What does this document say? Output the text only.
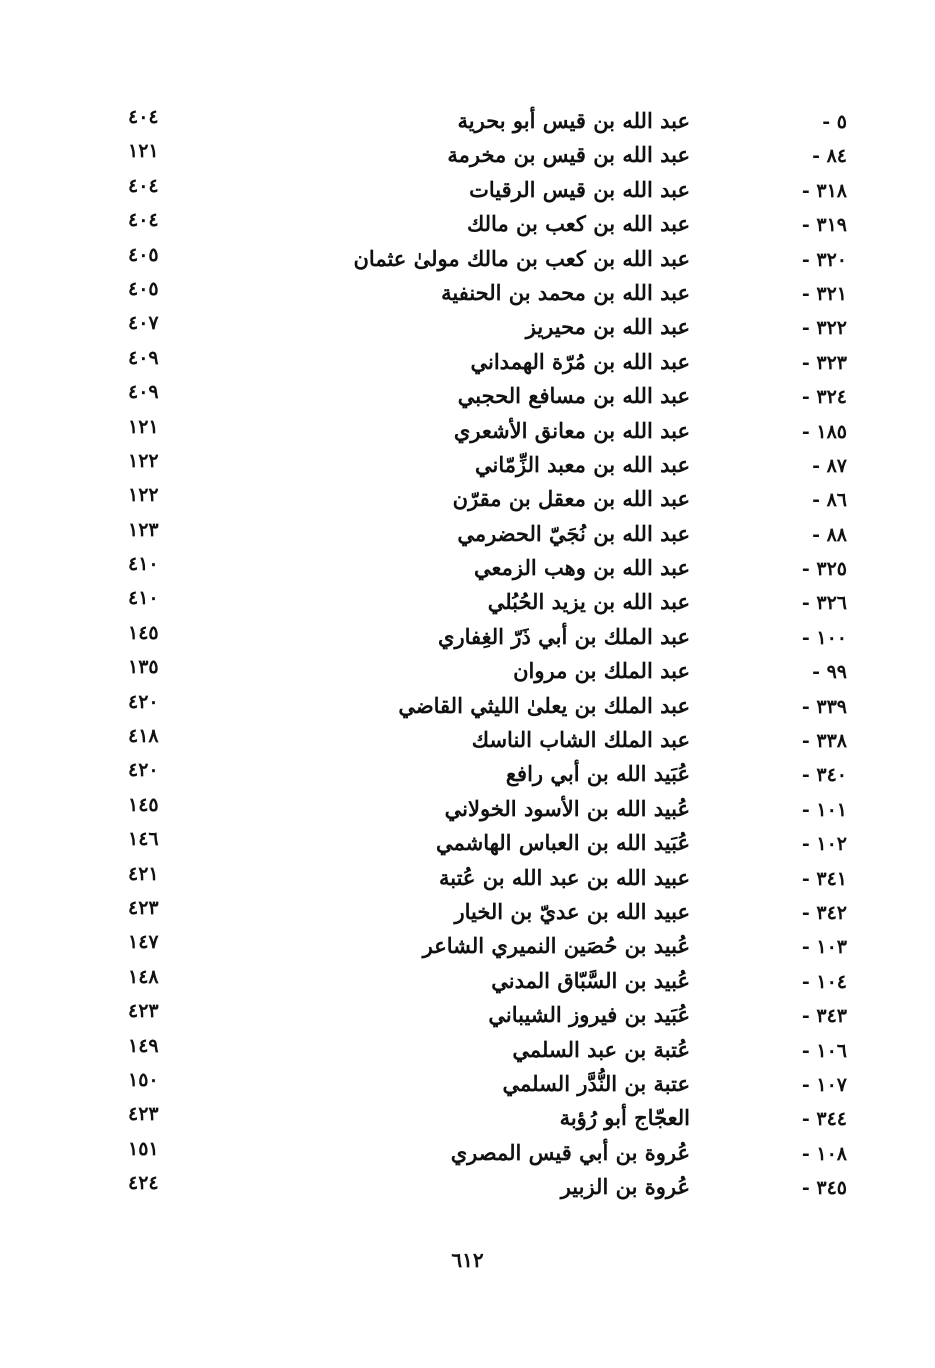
٥ -
عبد الله بن قيس أبو بحرية
٤٠٤
٨٤ -
عبد الله بن قيس بن مخرمة
١٢١
٣١٨ -
عبد الله بن قيس الرقيات
٤٠٤
٣١٩ -
عبد الله بن كعب بن مالك
٤٠٤
٣٢٠ -
عبد الله بن كعب بن مالك مولىٰ عثمان
٤٠٥
٣٢١ -
عبد الله بن محمد بن الحنفية
٤٠٥
٣٢٢ -
عبد الله بن محيريز
٤٠٧
٣٢٣ -
عبد الله بن مُرّة الهمداني
٤٠٩
٣٢٤ -
عبد الله بن مسافع الحجبي
٤٠٩
١٨٥ -
عبد الله بن معانق الأشعري
١٢١
٨٧ -
عبد الله بن معبد الزِّمّاني
١٢٢
٨٦ -
عبد الله بن معقل بن مقرّن
١٢٢
٨٨ -
عبد الله بن نُجَيّ الحضرمي
١٢٣
٣٢٥ -
عبد الله بن وهب الزمعي
٤١٠
٣٢٦ -
عبد الله بن يزيد الحُبُلي
٤١٠
١٠٠ -
عبد الملك بن أبي ذَرّ الغِفاري
١٤٥
٩٩ -
عبد الملك بن مروان
١٣٥
٣٣٩ -
عبد الملك بن يعلىٰ الليثي القاضي
٤٢٠
٣٣٨ -
عبد الملك الشاب الناسك
٤١٨
٣٤٠ -
عُبَيد الله بن أبي رافع
٤٢٠
١٠١ -
عُبيد الله بن الأسود الخولاني
١٤٥
١٠٢ -
عُبَيد الله بن العباس الهاشمي
١٤٦
٣٤١ -
عبيد الله بن عبد الله بن عُتبة
٤٢١
٣٤٢ -
عبيد الله بن عديّ بن الخيار
٤٢٣
١٠٣ -
عُبيد بن حُصَين النميري الشاعر
١٤٧
١٠٤ -
عُبيد بن السَّبّاق المدني
١٤٨
٣٤٣ -
عُبَيد بن فيروز الشيباني
٤٢٣
١٠٦ -
عُتبة بن عبد السلمي
١٤٩
١٠٧ -
عتبة بن النُّدَّر السلمي
١٥٠
٣٤٤ -
العجّاج أبو رُؤبة
٤٢٣
١٠٨ -
عُروة بن أبي قيس المصري
١٥١
٣٤٥ -
عُروة بن الزبير
٤٢٤
٦١٢
